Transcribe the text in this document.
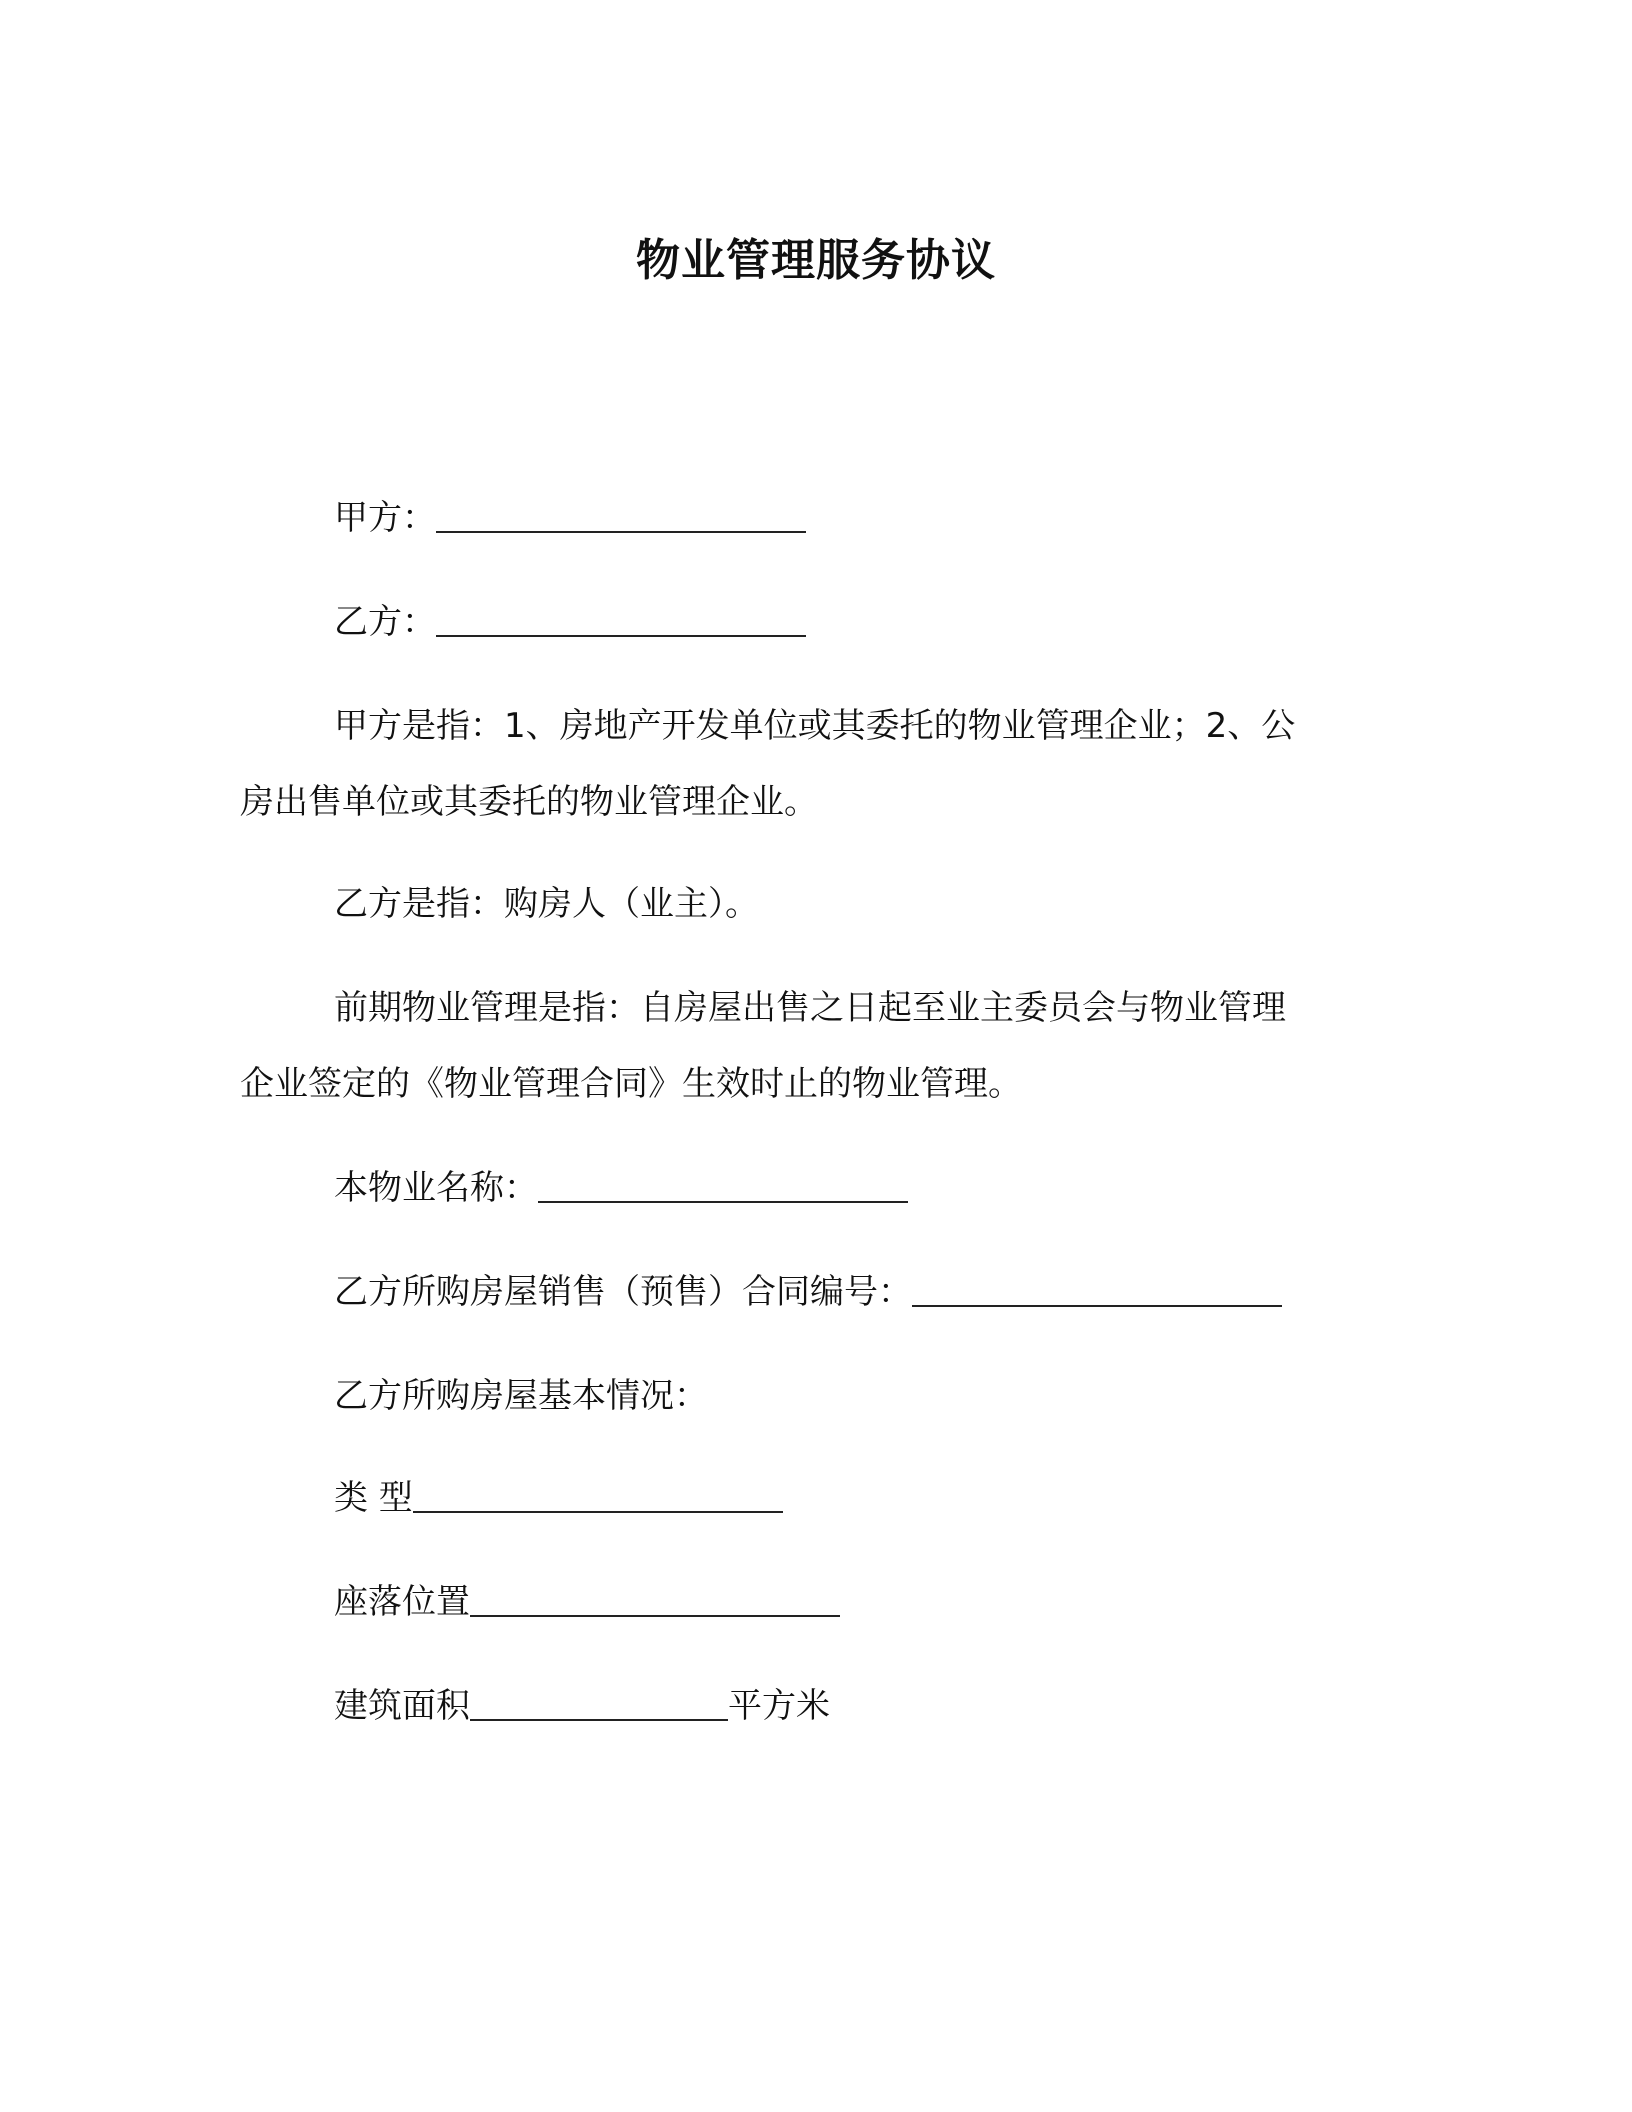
物业管理服务协议
甲方：
乙方：
甲方是指：1、房地产开发单位或其委托的物业管理企业；2、公
房出售单位或其委托的物业管理企业。
乙方是指：购房人（业主）。
前期物业管理是指：自房屋出售之日起至业主委员会与物业管理
企业签定的《物业管理合同》生效时止的物业管理。
本物业名称：
乙方所购房屋销售（预售）合同编号：
乙方所购房屋基本情况：
类 型
座落位置
建筑面积	平方米
